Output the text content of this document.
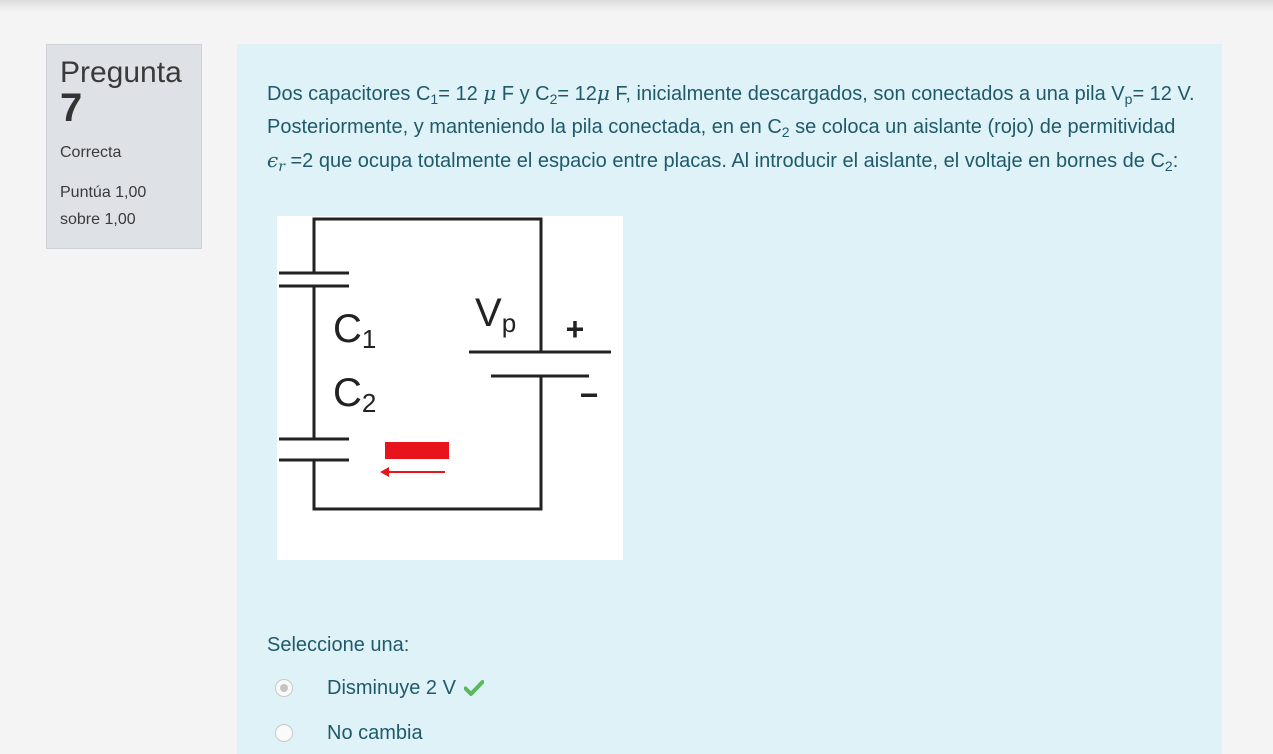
Pregunta
7
Correcta
Puntúa 1,00 sobre 1,00
Dos capacitores $C_1= 12$ μ F y $C_2= 12\mu$ F, inicialmente descargados, son conectados a una pila $V_p= 12$ V. Posteriormente, y manteniendo la pila conectada, en en $C_2$ se coloca un aislante (rojo) de permitividad $\epsilon_r =2$ que ocupa totalmente el espacio entre placas. Al introducir el aislante, el voltaje en bornes de $C_2$:
C1
C2
Vp +
−
Seleccione una:
Disminuye 2 V
No cambia
